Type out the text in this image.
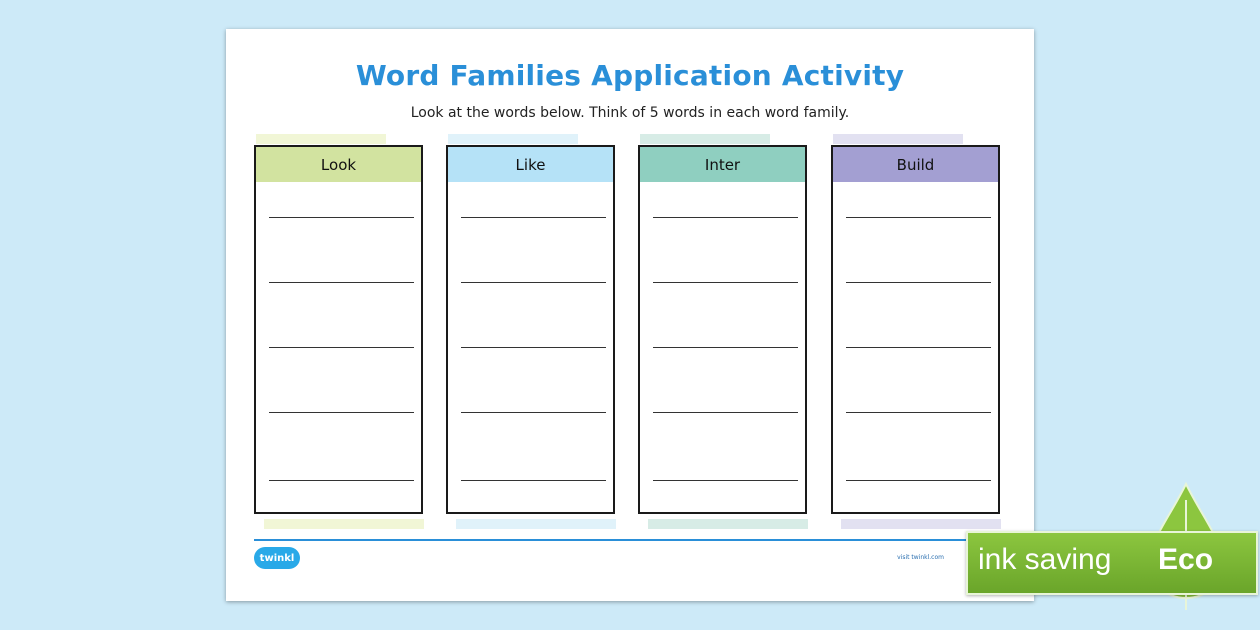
Word Families Application Activity
Look at the words below. Think of 5 words in each word family.
Look	Like	Inter	Build
twinkl	visit twinkl.com ink saving Eco
